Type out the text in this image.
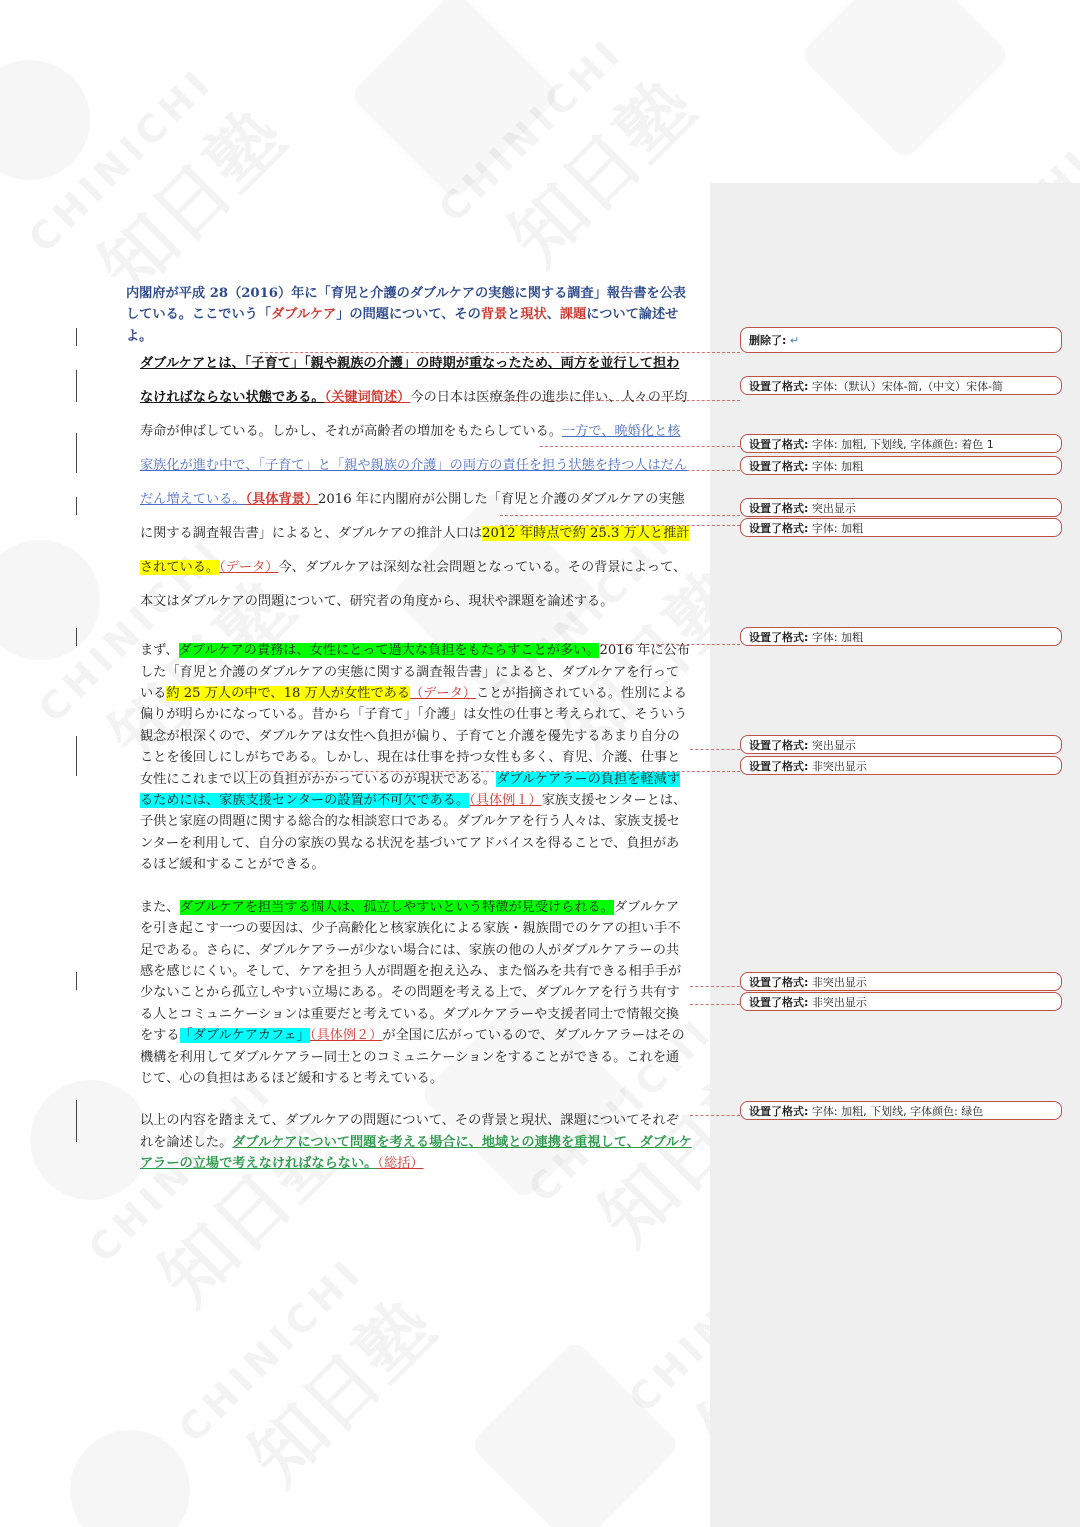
删除了: ↵
设置了格式: 字体:（默认）宋体-简,（中文）宋体-简
设置了格式: 字体: 加粗, 下划线, 字体颜色: 着色 1
设置了格式: 字体: 加粗
设置了格式: 突出显示
设置了格式: 字体: 加粗
设置了格式: 字体: 加粗
设置了格式: 突出显示
设置了格式: 非突出显示
设置了格式: 非突出显示
设置了格式: 非突出显示
设置了格式: 字体: 加粗, 下划线, 字体颜色: 绿色

内閣府が平成 28（2016）年に「育児と介護のダブルケアの実態に関する調査」報告書を公表している。ここでいう「ダブルケア」の問題について、その背景と現状、課題について論述せよ。

ダブルケアとは、「子育て」「親や親族の介護」の時期が重なったため、両方を並行して担わなければならない状態である。（关键词简述）今の日本は医療条件の進歩に伴い、人々の平均寿命が伸ばしている。しかし、それが高齢者の増加をもたらしている。一方で、晩婚化と核家族化が進む中で、「子育て」と「親や親族の介護」の両方の責任を担う状態を持つ人はだんだん増えている。（具体背景）2016 年に内閣府が公開した「育児と介護のダブルケアの実態に関する調査報告書」によると、ダブルケアの推計人口は2012 年時点で約 25.3 万人と推計されている。（データ）今、ダブルケアは深刻な社会問題となっている。その背景によって、本文はダブルケアの問題について、研究者の角度から、現状や課題を論述する。

まず、ダブルケアの責務は、女性にとって過大な負担をもたらすことが多い。2016 年に公布した「育児と介護のダブルケアの実態に関する調査報告書」によると、ダブルケアを行っている約 25 万人の中で、18 万人が女性である（データ）ことが指摘されている。性別による偏りが明らかになっている。昔から「子育て」「介護」は女性の仕事と考えられて、そういう観念が根深くので、ダブルケアは女性へ負担が偏り、子育てと介護を優先するあまり自分のことを後回しにしがちである。しかし、現在は仕事を持つ女性も多く、育児、介護、仕事と女性にこれまで以上の負担がかかっているのが現状である。ダブルケアラーの負担を軽減するためには、家族支援センターの設置が不可欠である。（具体例１）家族支援センターとは、子供と家庭の問題に関する総合的な相談窓口である。ダブルケアを行う人々は、家族支援センターを利用して、自分の家族の異なる状況を基づいてアドバイスを得ることで、負担があるほど緩和することができる。

また、ダブルケアを担当する個人は、孤立しやすいという特徴が見受けられる。ダブルケアを引き起こす一つの要因は、少子高齢化と核家族化による家族・親族間でのケアの担い手不足である。さらに、ダブルケアラーが少ない場合には、家族の他の人がダブルケアラーの共感を感じにくい。そして、ケアを担う人が問題を抱え込み、また悩みを共有できる相手手が少ないことから孤立しやすい立場にある。その問題を考える上で、ダブルケアを行う共有する人とコミュニケーションは重要だと考えている。ダブルケアラーや支援者同士で情報交換をする「ダブルケアカフェ」（具体例２）が全国に広がっているので、ダブルケアラーはその機構を利用してダブルケアラー同士とのコミュニケーションをすることができる。これを通じて、心の負担はあるほど緩和すると考えている。

以上の内容を踏まえて、ダブルケアの問題について、その背景と現状、課題についてそれぞれを論述した。ダブルケアについて問題を考える場合に、地域との連携を重視して、ダブルケアラーの立場で考えなければならない。（総括）
